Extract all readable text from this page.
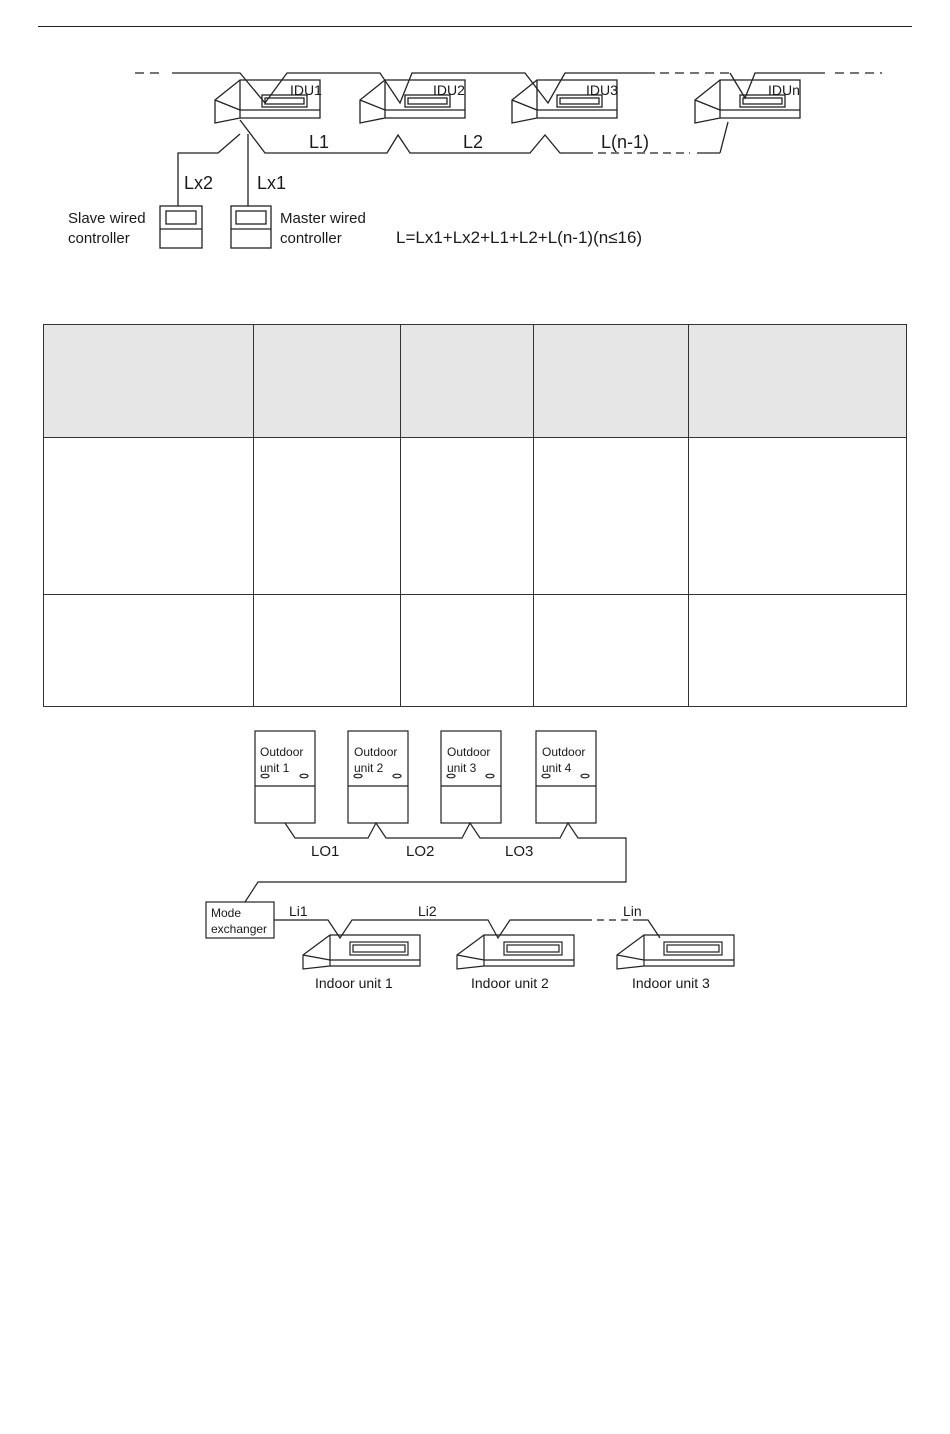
IDU1	IDU2	IDU3	IDUn
L1	L2	L(n-1)
Lx2 Lx1
Slave wired
controller
Master wired
controller	L=Lx1+Lx2+L1+L2+L(n-1)(n≤16)

Outdoor
unit 1
Outdoor
unit 2
Outdoor
unit 3
Outdoor
unit 4
LO1	LO2	LO3
Mode
exchanger
Li1	Li2	Lin
Indoor unit 1	Indoor unit 2	Indoor unit 3
